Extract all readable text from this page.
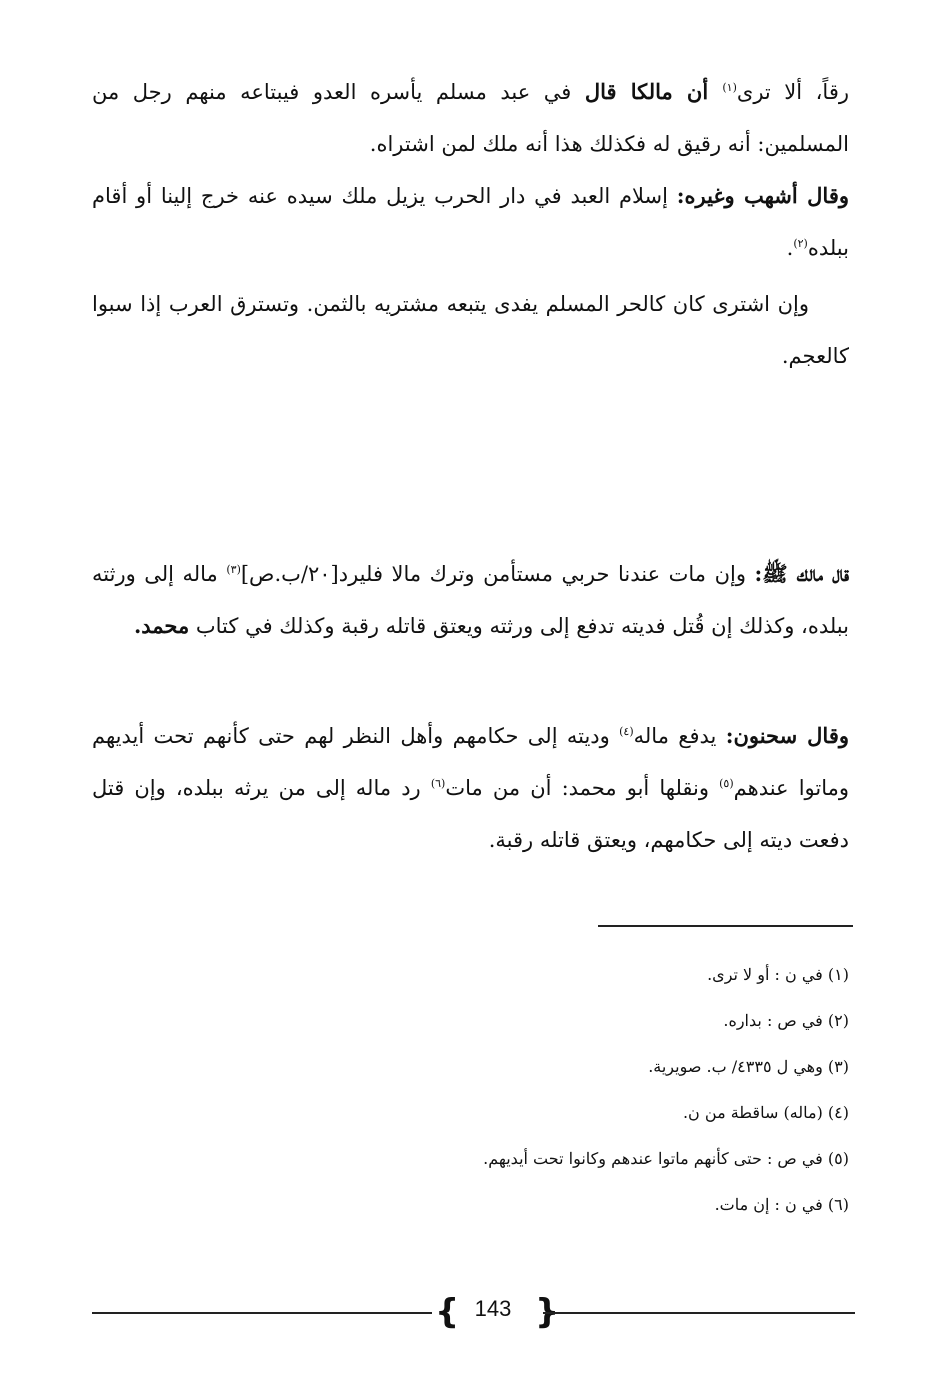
رقاً، ألا ترى$^{(١)}$ أن مالكا قال في عبد مسلم يأسره العدو فيبتاعه منهم رجل من المسلمين: أنه رقيق له فكذلك هذا أنه ملك لمن اشتراه.

وقال أشهب وغيره: إسلام العبد في دار الحرب يزيل ملك سيده عنه خرج إلينا أو أقام ببلده$^{(٢)}$.

وإن اشترى كان كالحر المسلم يفدى يتبعه مشتريه بالثمن. وتسترق العرب إذا سبوا كالعجم.

قال مالك ﷺ: وإن مات عندنا حربي مستأمن وترك مالا فليرد[٢٠/ب.ص]$^{(٣)}$ ماله إلى ورثته ببلده، وكذلك إن قُتل فديته تدفع إلى ورثته ويعتق قاتله رقبة وكذلك في كتاب محمد.

وقال سحنون: يدفع ماله$^{(٤)}$ وديته إلى حكامهم وأهل النظر لهم حتى كأنهم تحت أيديهم وماتوا عندهم$^{(٥)}$ ونقلها أبو محمد: أن من مات$^{(٦)}$ رد ماله إلى من يرثه ببلده، وإن قتل دفعت ديته إلى حكامهم، ويعتق قاتله رقبة.

(١) في ن : أو لا ترى.
(٢) في ص : بداره.
(٣) وهي ل ٤٣٣٥/ ب. صويرية.
(٤) (ماله) ساقطة من ن.
(٥) في ص : حتى كأنهم ماتوا عندهم وكانوا تحت أيديهم.
(٦) في ن : إن مات.
{ 143 }
